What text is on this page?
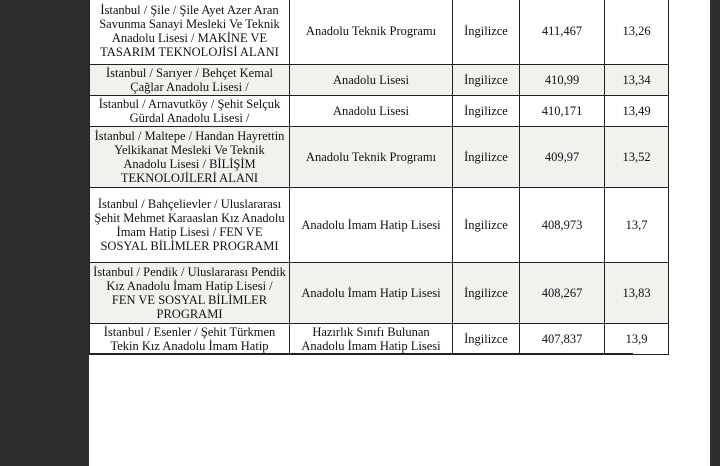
İstanbul / Şile / Şile Ayet Azer Aran Savunma Sanayi Mesleki Ve Teknik Anadolu Lisesi / MAKİNE VE TASARIM TEKNOLOJİSİ ALANI	Anadolu Teknik Programı	İngilizce	411,467	13,26
İstanbul / Sarıyer / Behçet Kemal Çağlar Anadolu Lisesi /	Anadolu Lisesi	İngilizce	410,99	13,34
İstanbul / Arnavutköy / Şehit Selçuk Gürdal Anadolu Lisesi /	Anadolu Lisesi	İngilizce	410,171	13,49
İstanbul / Maltepe / Handan Hayrettin Yelkikanat Mesleki Ve Teknik Anadolu Lisesi / BİLİŞİM TEKNOLOJİLERİ ALANI	Anadolu Teknik Programı	İngilizce	409,97	13,52
İstanbul / Bahçelievler / Uluslararası Şehit Mehmet Karaaslan Kız Anadolu İmam Hatip Lisesi / FEN VE SOSYAL BİLİMLER PROGRAMI	Anadolu İmam Hatip Lisesi	İngilizce	408,973	13,7
İstanbul / Pendik / Uluslararası Pendik Kız Anadolu İmam Hatip Lisesi / FEN VE SOSYAL BİLİMLER PROGRAMI	Anadolu İmam Hatip Lisesi	İngilizce	408,267	13,83
İstanbul / Esenler / Şehit Türkmen Tekin Kız Anadolu İmam Hatip	Hazırlık Sınıfı Bulunan Anadolu İmam Hatip Lisesi	İngilizce	407,837	13,9
